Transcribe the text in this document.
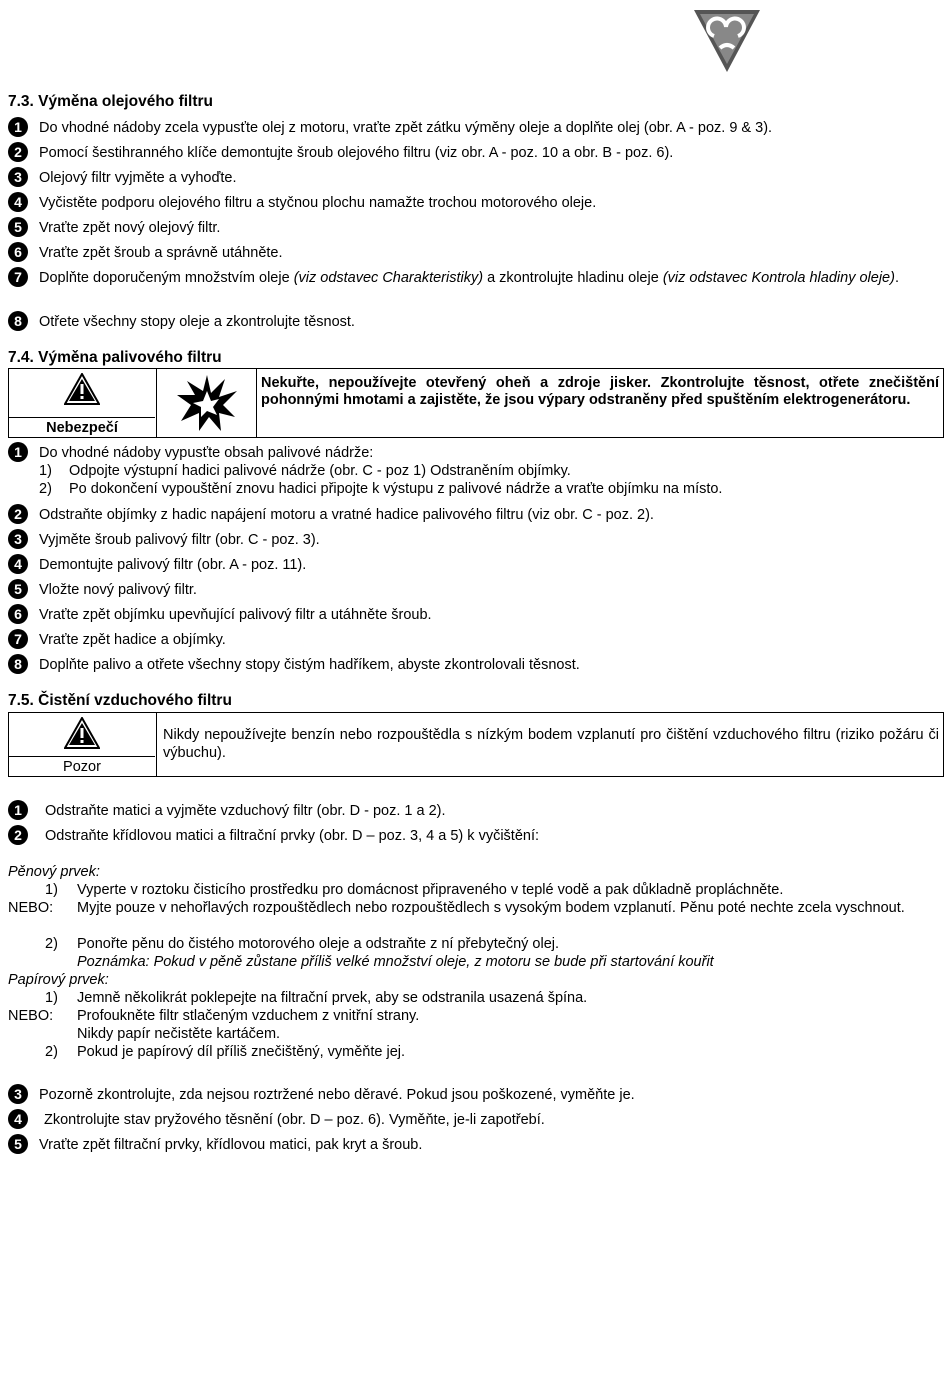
7.3. Výměna olejového filtru
1	Do vhodné nádoby zcela vypusťte olej z motoru, vraťte zpět zátku výměny oleje a doplňte olej (obr. A - poz. 9 & 3).
2	Pomocí šestihranného klíče demontujte šroub olejového filtru (viz obr. A - poz. 10 a obr. B - poz. 6).
3	Olejový filtr vyjměte a vyhoďte.
4	Vyčistěte podporu olejového filtru a styčnou plochu namažte trochou motorového oleje.
5	Vraťte zpět nový olejový filtr.
6	Vraťte zpět šroub a správně utáhněte.
7	Doplňte doporučeným množstvím oleje (viz odstavec Charakteristiky) a zkontrolujte hladinu oleje (viz odstavec Kontrola hladiny oleje).
8	Otřete všechny stopy oleje a zkontrolujte těsnost.
7.4. Výměna palivového filtru
Nebezpečí
Nekuřte, nepoužívejte otevřený oheň a zdroje jisker. Zkontrolujte těsnost, otřete znečištění pohonnými hmotami a zajistěte, že jsou výpary odstraněny před spuštěním elektrogenerátoru.
1	Do vhodné nádoby vypusťte obsah palivové nádrže:
1) Odpojte výstupní hadici palivové nádrže (obr. C - poz 1) Odstraněním objímky.
2) Po dokončení vypouštění znovu hadici připojte k výstupu z palivové nádrže a vraťte objímku na místo.
2	Odstraňte objímky z hadic napájení motoru a vratné hadice palivového filtru (viz obr. C - poz. 2).
3	Vyjměte šroub palivový filtr (obr. C - poz. 3).
4	Demontujte palivový filtr (obr. A - poz. 11).
5	Vložte nový palivový filtr.
6	Vraťte zpět objímku upevňující palivový filtr a utáhněte šroub.
7	Vraťte zpět hadice a objímky.
8	Doplňte palivo a otřete všechny stopy čistým hadříkem, abyste zkontrolovali těsnost.
7.5. Čistění vzduchového filtru
Pozor
Nikdy nepoužívejte benzín nebo rozpouštědla s nízkým bodem vzplanutí pro čištění vzduchového filtru (riziko požáru či výbuchu).
1	Odstraňte matici a vyjměte vzduchový filtr (obr. D - poz. 1 a 2).
2	Odstraňte křídlovou matici a filtrační prvky (obr. D – poz. 3, 4 a 5) k vyčištění:
Pěnový prvek:
1) Vyperte v roztoku čisticího prostředku pro domácnost připraveného v teplé vodě a pak důkladně propláchněte.
NEBO: Myjte pouze v nehořlavých rozpouštědlech nebo rozpouštědlech s vysokým bodem vzplanutí. Pěnu poté nechte zcela vyschnout.
2) Ponořte pěnu do čistého motorového oleje a odstraňte z ní přebytečný olej.
Poznámka: Pokud v pěně zůstane příliš velké množství oleje, z motoru se bude při startování kouřit
Papírový prvek:
1) Jemně několikrát poklepejte na filtrační prvek, aby se odstranila usazená špína.
NEBO: Profoukněte filtr stlačeným vzduchem z vnitřní strany.
Nikdy papír nečistěte kartáčem.
2) Pokud je papírový díl příliš znečištěný, vyměňte jej.
3	Pozorně zkontrolujte, zda nejsou roztržené nebo děravé. Pokud jsou poškozené, vyměňte je.
4	Zkontrolujte stav pryžového těsnění (obr. D – poz. 6). Vyměňte, je-li zapotřebí.
5	Vraťte zpět filtrační prvky, křídlovou matici, pak kryt a šroub.
